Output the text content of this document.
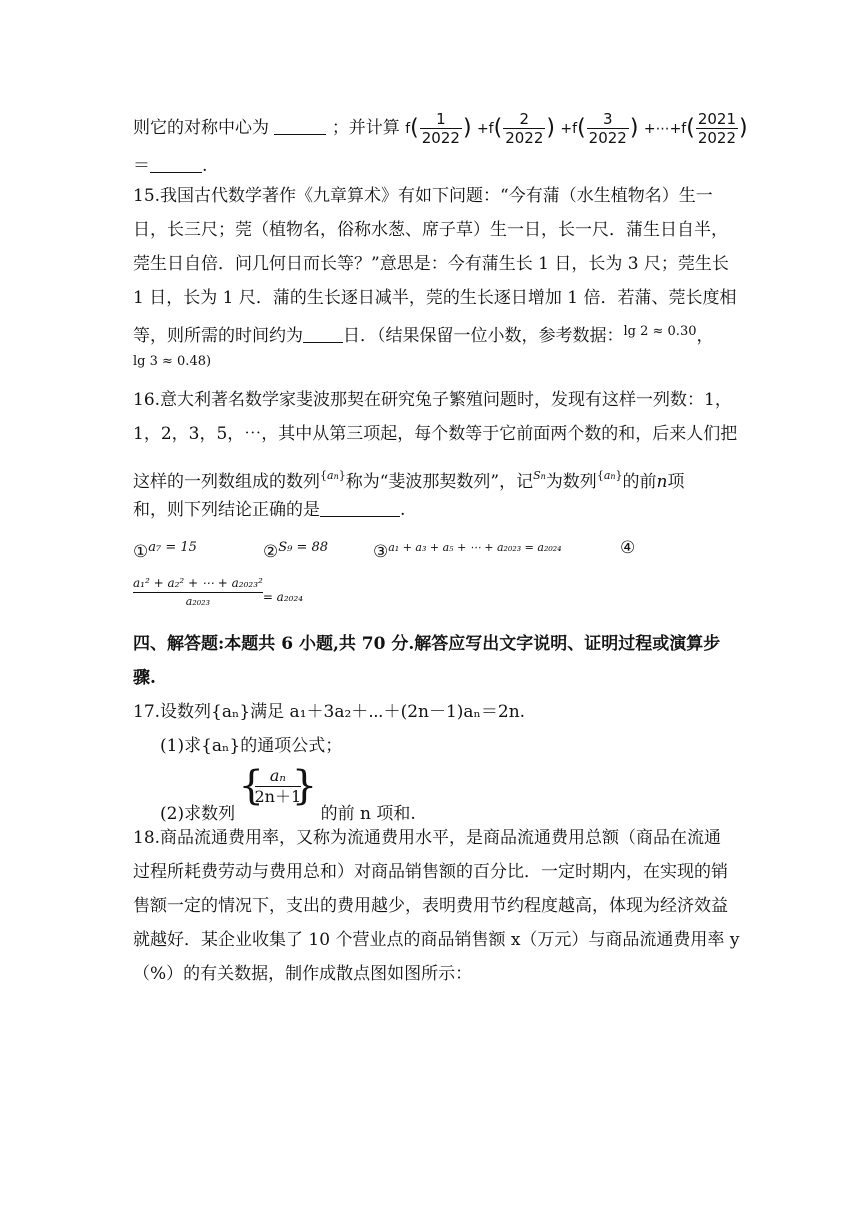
则它的对称中心为	；并计算 $f( \frac{1}{2022}$ ) $+f( \frac{2}{2022}$ ) $+f( \frac{3}{2022}$ ) +⋯+f( $\frac{2021}{2022}$ )
＝	.
15.我国古代数学著作《九章算术》有如下问题：“今有蒲（水生植物名）生一
日，长三尺；莞（植物名，俗称水葱、席子草）生一日，长一尺．蒲生日自半，
莞生日自倍．问几何日而长等？”意思是：今有蒲生长 1 日，长为 3 尺；莞生长
1 日，长为 1 尺．蒲的生长逐日减半，莞的生长逐日增加 1 倍．若蒲、莞长度相
等，则所需的时间约为 日．（结果保留一位小数，参考数据：$^{lg 2 \approx 0.30}$，
lg 3 ≈ 0.48)
16.意大利著名数学家斐波那契在研究兔子繁殖问题时，发现有这样一列数：1，
1，2，3，5，⋯，其中从第三项起，每个数等于它前面两个数的和，后来人们把
这样的一列数组成的数列$^{\{an\}}$称为“斐波那契数列”，记$^{Sn}$为数列$^{\{an\}}$的前n项
和，则下列结论正确的是	.
①$^{a_7 = 15}$	②$^{S_9 = 88}$	③$^{a_1 + a_3 + a_5 + \cdots + a_{2023} = a_{2024}}$	④
$\frac{\text{a₁² + a₂² + ⋯ + a₂₀₂₃²}}{\text{a₂₀₂₃}} _{= a_{2024}}$
四、解答题:本题共 6 小题,共 70 分.解答应写出文字说明、证明过程或演算步
骤.
17.设数列{aₙ}满足 a₁＋3a₂＋⋯＋(2n－1)aₙ＝2n.
(1)求{aₙ}的通项公式；
(2)求数列
{ aₙ
2n＋1
}
的前 n 项和.
18.商品流通费用率，又称为流通费用水平，是商品流通费用总额（商品在流通
过程所耗费劳动与费用总和）对商品销售额的百分比．一定时期内，在实现的销
售额一定的情况下，支出的费用越少，表明费用节约程度越高，体现为经济效益
就越好．某企业收集了 10 个营业点的商品销售额 x（万元）与商品流通费用率 y
（%）的有关数据，制作成散点图如图所示：
